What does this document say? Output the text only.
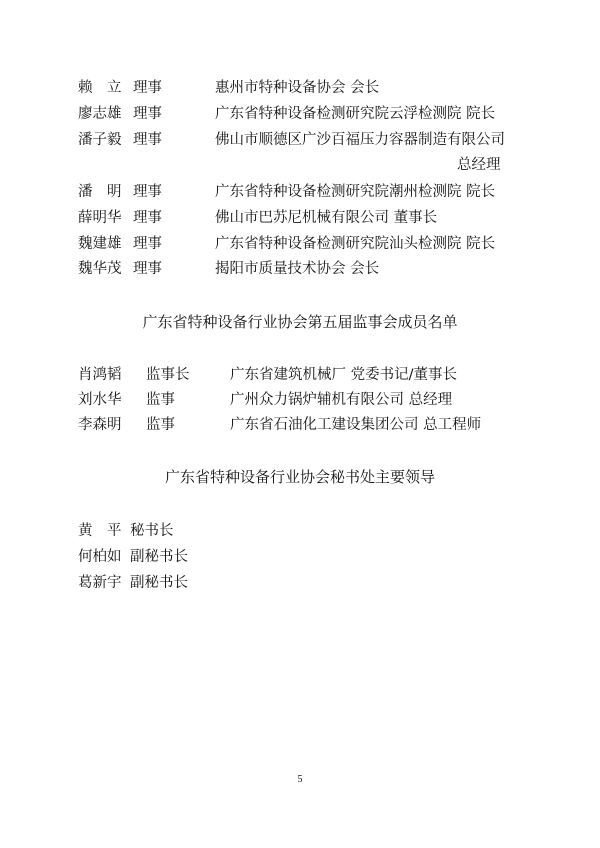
赖　立 理事	惠州市特种设备协会 会长
廖志雄 理事	广东省特种设备检测研究院云浮检测院 院长
潘子毅 理事	佛山市顺德区广沙百福压力容器制造有限公司
总经理
潘　明 理事	广东省特种设备检测研究院潮州检测院 院长
薛明华 理事	佛山市巴苏尼机械有限公司 董事长
魏建雄 理事	广东省特种设备检测研究院汕头检测院 院长
魏华茂 理事	揭阳市质量技术协会 会长
广东省特种设备行业协会第五届监事会成员名单
肖鸿韬 监事长	广东省建筑机械厂 党委书记/董事长
刘水华 监事	广州众力锅炉辅机有限公司 总经理
李森明 监事	广东省石油化工建设集团公司 总工程师
广东省特种设备行业协会秘书处主要领导
黄　平 秘书长
何柏如 副秘书长
葛新宇 副秘书长
5
